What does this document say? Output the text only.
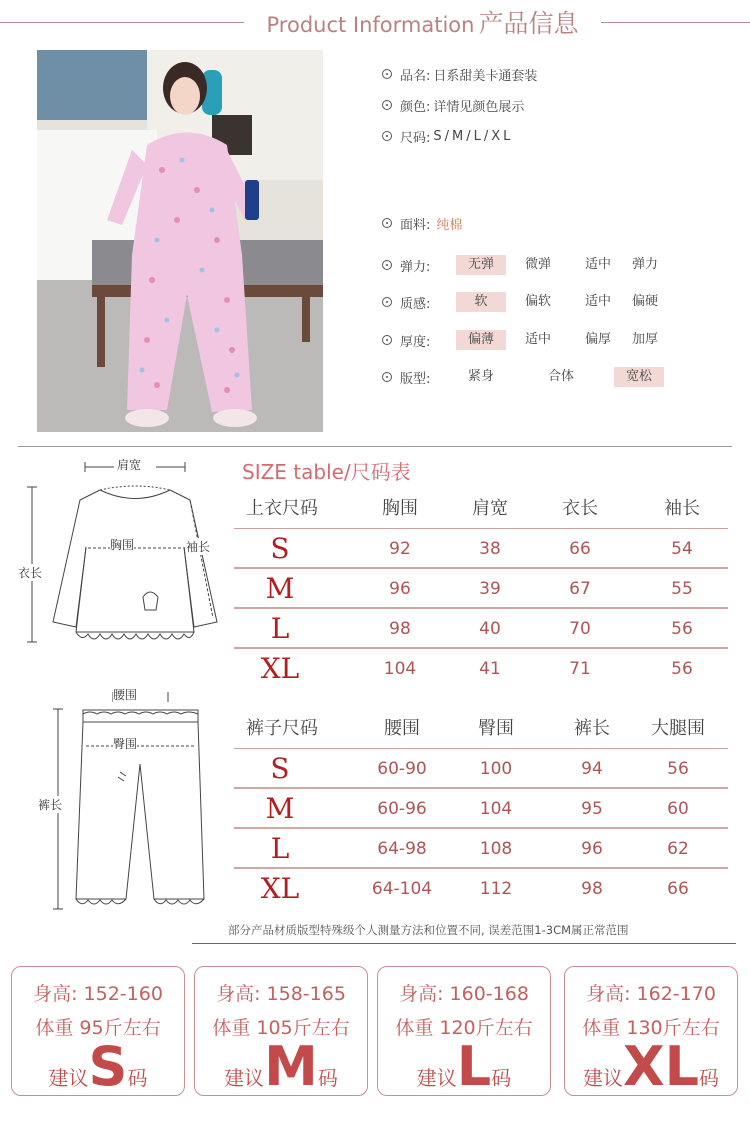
Product Information 产品信息
品名: 日系甜美卡通套装
颜色: 详情见颜色展示
尺码: S/M/L/XL
面料: 纯棉
弹力:	无弹	微弹	适中	弹力
质感:	软	偏软	适中	偏硬
厚度:	偏薄	适中	偏厚	加厚
版型:	紧身	合体	宽松
肩宽
胸围	袖长
衣长
腰围
臀围
裤长
SIZE table/尺码表
上衣尺码	胸围	肩宽	衣长	袖长
S	92	38	66	54
M	96	39	67	55
L	98	40	70	56
XL	104	41	71	56
裤子尺码	腰围	臀围	裤长	大腿围
S	60-90	100	94	56
M	60-96	104	95	60
L	64-98	108	96	62
XL	64-104	112	98	66
部分产品材质版型特殊级个人测量方法和位置不同, 误差范围1-3CM属正常范围
身高: 152-160
体重 95斤左右
建议S码
身高: 158-165
体重 105斤左右
建议M码
身高: 160-168
体重 120斤左右
建议L码
身高: 162-170
体重 130斤左右
建议XL码
